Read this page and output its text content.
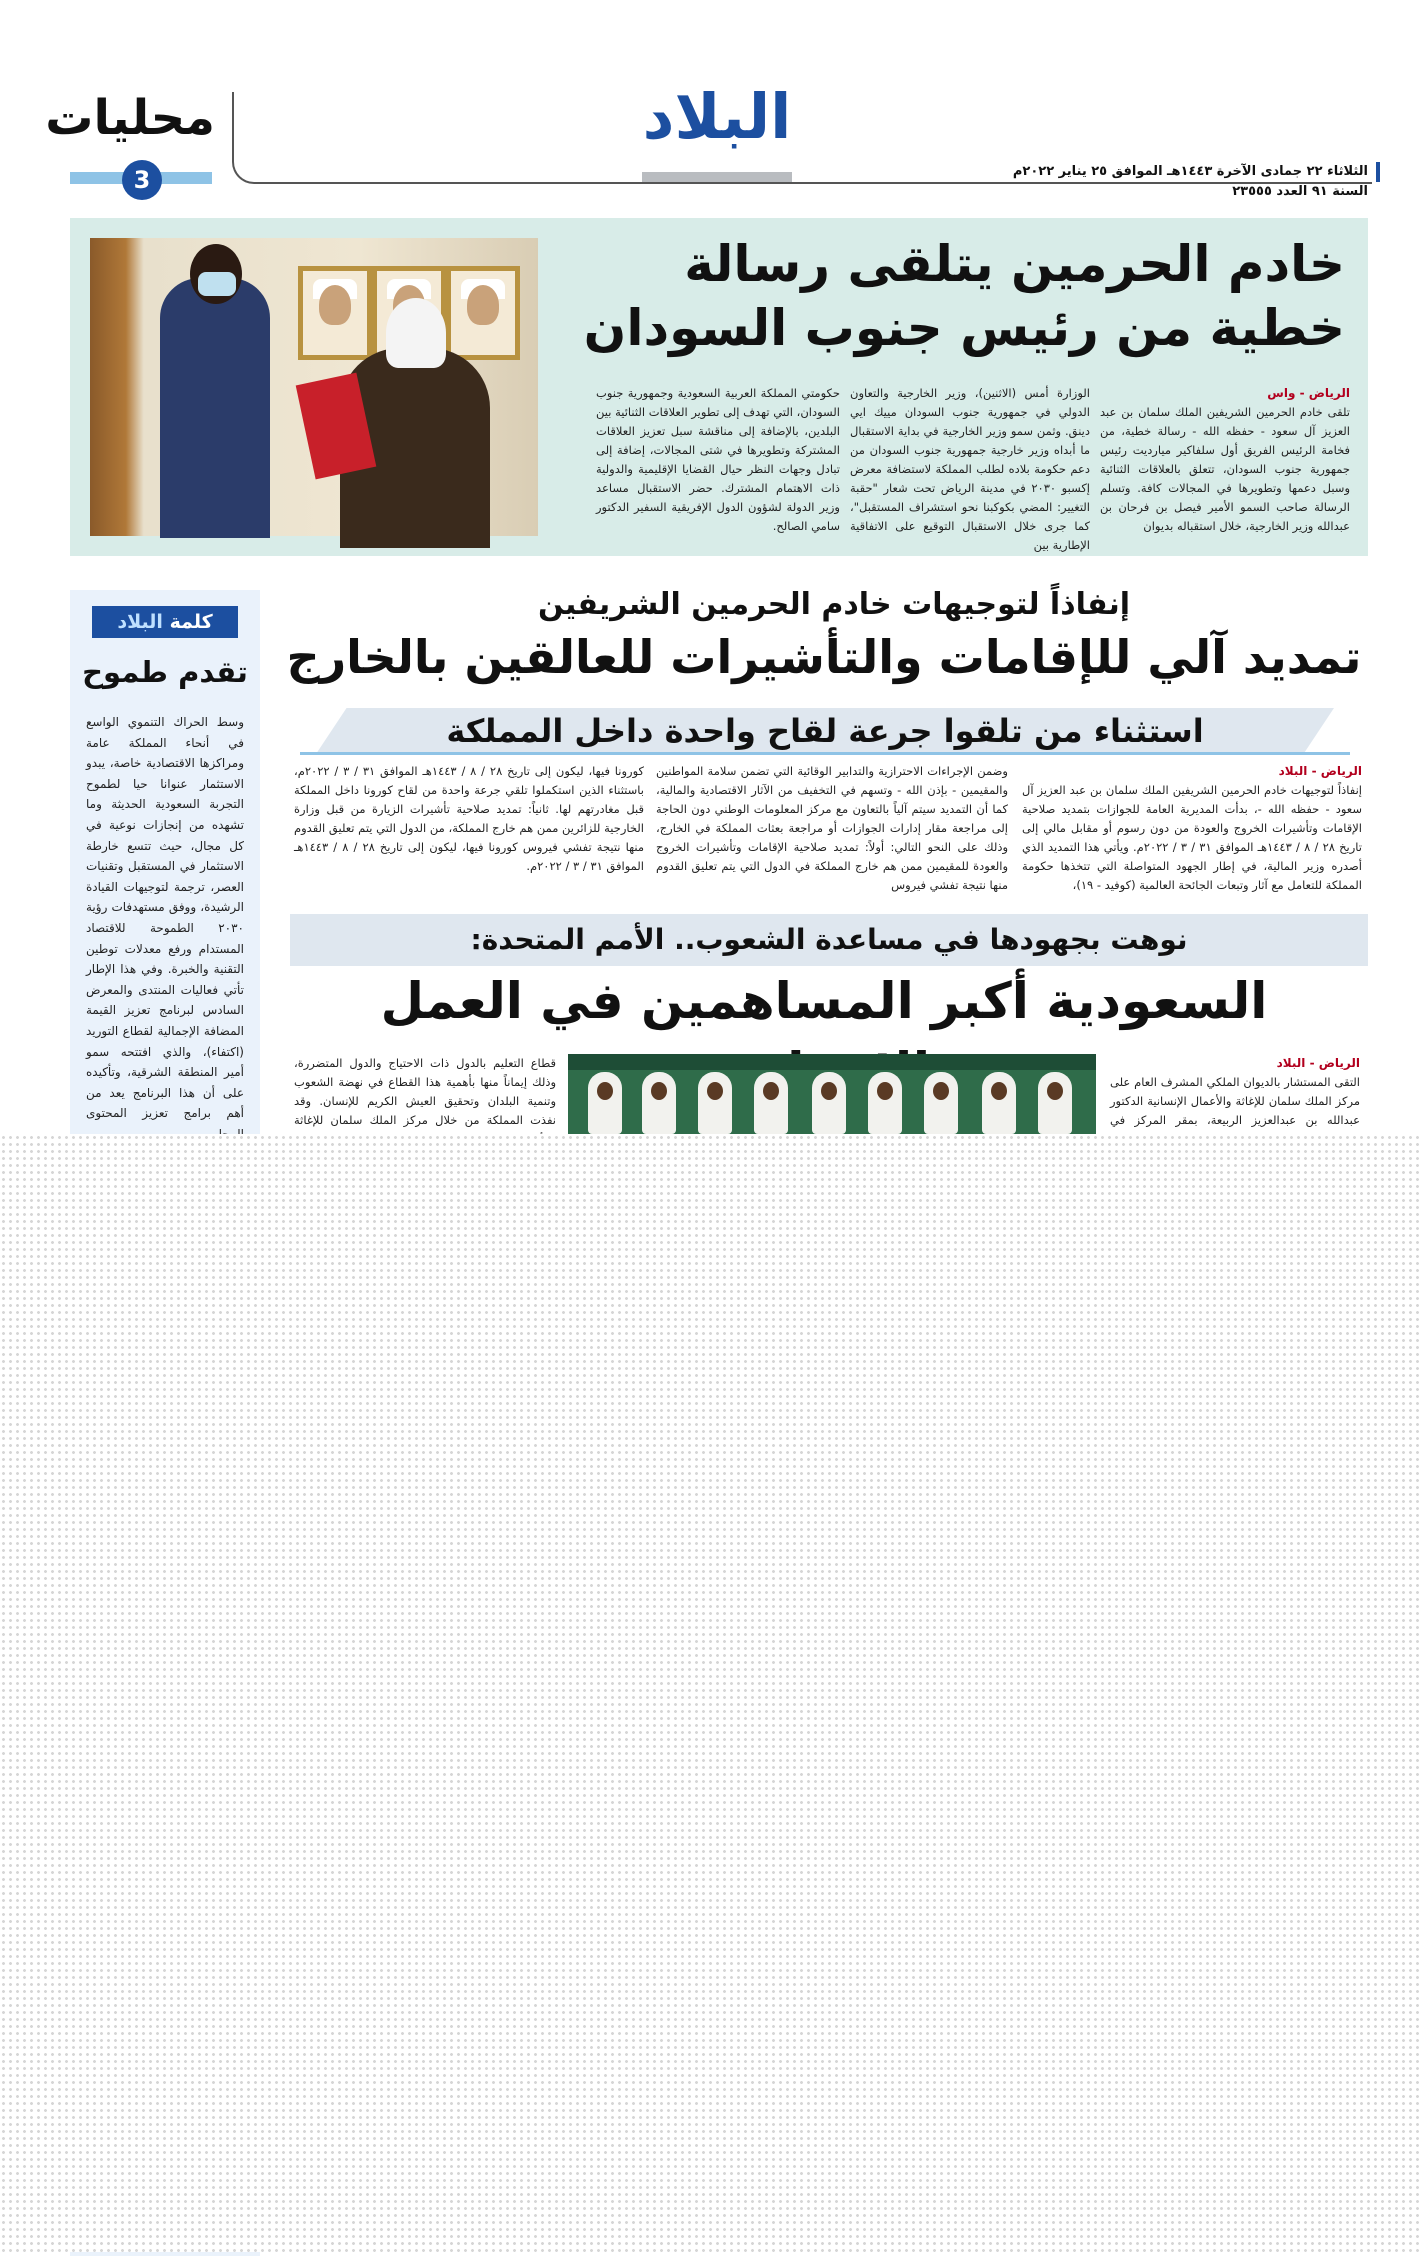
محليات
3
البلاد
الثلاثاء ٢٢ جمادى الآخرة ١٤٤٣هـ الموافق ٢٥ يناير ٢٠٢٢م السنة ٩١ العدد ٢٣٥٥٥
خادم الحرمين يتلقى رسالة خطية من رئيس جنوب السودان
الرياض - واس
تلقى خادم الحرمين الشريفين الملك سلمان بن عبد العزيز آل سعود - حفظه الله - رسالة خطية، من فخامة الرئيس الفريق أول سلفاكير ميارديت رئيس جمهورية جنوب السودان، تتعلق بالعلاقات الثنائية وسبل دعمها وتطويرها في المجالات كافة. وتسلم الرسالة صاحب السمو الأمير فيصل بن فرحان بن عبدالله وزير الخارجية، خلال استقباله بديوان
الوزارة أمس (الاثنين)، وزير الخارجية والتعاون الدولي في جمهورية جنوب السودان مييك ايي دينق. وثمن سمو وزير الخارجية في بداية الاستقبال ما أبداه وزير خارجية جمهورية جنوب السودان من دعم حكومة بلاده لطلب المملكة لاستضافة معرض إكسبو ٢٠٣٠ في مدينة الرياض تحت شعار "حقبة التغيير: المضي بكوكبنا نحو استشراف المستقبل"، كما جرى خلال الاستقبال التوقيع على الاتفاقية الإطارية بين
حكومتي المملكة العربية السعودية وجمهورية جنوب السودان، التي تهدف إلى تطوير العلاقات الثنائية بين البلدين، بالإضافة إلى مناقشة سبل تعزيز العلاقات المشتركة وتطويرها في شتى المجالات، إضافة إلى تبادل وجهات النظر حيال القضايا الإقليمية والدولية ذات الاهتمام المشترك. حضر الاستقبال مساعد وزير الدولة لشؤون الدول الإفريقية السفير الدكتور سامي الصالح.
كلمة البلاد
تقدم طموح
وسط الحراك التنموي الواسع في أنحاء المملكة عامة ومراكزها الاقتصادية خاصة، يبدو الاستثمار عنوانا حيا لطموح التجربة السعودية الحديثة وما تشهده من إنجازات نوعية في كل مجال، حيث تتسع خارطة الاستثمار في المستقبل وتقنيات العصر، ترجمة لتوجيهات القيادة الرشيدة، ووفق مستهدفات رؤية ٢٠٣٠ الطموحة للاقتصاد المستدام ورفع معدلات توطين التقنية والخبرة. وفي هذا الإطار تأتي فعاليات المنتدى والمعرض السادس لبرنامج تعزيز القيمة المضافة الإجمالية لقطاع التوريد (اكتفاء)، والذي افتتحه سمو أمير المنطقة الشرقية، وتأكيده على أن هذا البرنامج يعد من أهم برامج تعزيز المحتوى
إنفاذاً لتوجيهات خادم الحرمين الشريفين
تمديد آلي للإقامات والتأشيرات للعالقين بالخارج
استثناء من تلقوا جرعة لقاح واحدة داخل المملكة
الرياض - البلاد
إنفاذاً لتوجيهات خادم الحرمين الشريفين الملك سلمان بن عبد العزيز آل سعود - حفظه الله -، بدأت المديرية العامة للجوازات بتمديد صلاحية الإقامات وتأشيرات الخروج والعودة من دون رسوم أو مقابل مالي إلى تاريخ ٢٨ / ٨ / ١٤٤٣هـ الموافق ٣١ / ٣ / ٢٠٢٢م. ويأتي هذا التمديد الذي أصدره وزير المالية، في إطار الجهود المتواصلة التي تتخذها حكومة المملكة للتعامل مع آثار وتبعات الجائحة العالمية (كوفيد - ١٩)،
وضمن الإجراءات الاحترازية والتدابير الوقائية التي تضمن سلامة المواطنين والمقيمين - بإذن الله - وتسهم في التخفيف من الآثار الاقتصادية والمالية، كما أن التمديد سيتم آلياً بالتعاون مع مركز المعلومات الوطني دون الحاجة إلى مراجعة مقار إدارات الجوازات أو مراجعة بعثات المملكة في الخارج، وذلك على النحو التالي: أولاً: تمديد صلاحية الإقامات وتأشيرات الخروج والعودة للمقيمين ممن هم خارج المملكة في الدول التي يتم تعليق القدوم منها نتيجة تفشي فيروس
كورونا فيها، ليكون إلى تاريخ ٢٨ / ٨ / ١٤٤٣هـ الموافق ٣١ / ٣ / ٢٠٢٢م، باستثناء الذين استكملوا تلقي جرعة واحدة من لقاح كورونا داخل المملكة قبل مغادرتهم لها. ثانياً: تمديد صلاحية تأشيرات الزيارة من قبل وزارة الخارجية للزائرين ممن هم خارج المملكة، من الدول التي يتم تعليق القدوم منها نتيجة تفشي فيروس كورونا فيها، ليكون إلى تاريخ ٢٨ / ٨ / ١٤٤٣هـ الموافق ٣١ / ٣ / ٢٠٢٢م.
نوهت بجهودها في مساعدة الشعوب.. الأمم المتحدة:
السعودية أكبر المساهمين في العمل
الرياض - البلاد
التقى المستشار بالديوان الملكي المشرف العام على مركز الملك سلمان للإغاثة والأعمال الإنسانية الدكتور عبدالله بن عبدالعزيز الربيعة، بمقر المركز في
قطاع التعليم بالدول ذات الاحتياج والدول المتضررة، وذلك إيماناً منها بأهمية هذا القطاع في نهضة الشعوب وتنمية البلدان وتحقيق العيش الكريم للإنسان. وقد نفذت المملكة من خلال مركز الملك سلمان للإغاثة
